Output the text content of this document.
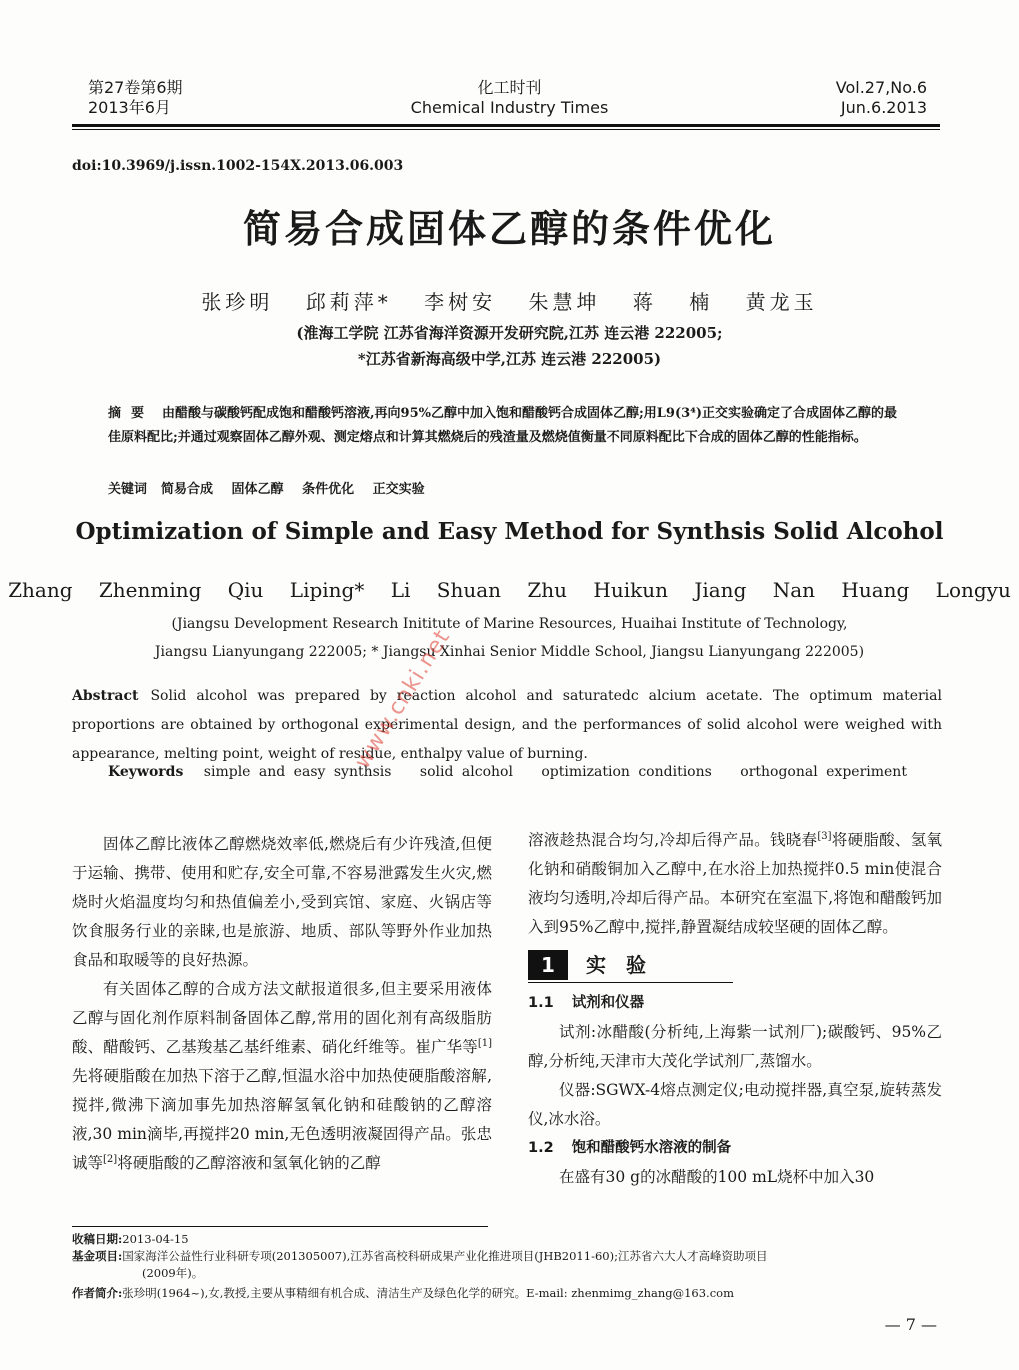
第27卷第6期
2013年6月
化工时刊
Chemical Industry Times
Vol.27,No.6
Jun.6.2013
doi:10.3969/j.issn.1002-154X.2013.06.003
简易合成固体乙醇的条件优化
张珍明 邱莉萍* 李树安 朱慧坤 蒋 楠 黄龙玉
(淮海工学院 江苏省海洋资源开发研究院,江苏 连云港 222005;
*江苏省新海高级中学,江苏 连云港 222005)
摘要 由醋酸与碳酸钙配成饱和醋酸钙溶液,再向95%乙醇中加入饱和醋酸钙合成固体乙醇;用L9(3⁴)正交实验确定了合成固体乙醇的最佳原料配比;并通过观察固体乙醇外观、测定熔点和计算其燃烧后的残渣量及燃烧值衡量不同原料配比下合成的固体乙醇的性能指标。
关键词 简易合成 固体乙醇 条件优化 正交实验
Optimization of Simple and Easy Method for Synthsis Solid Alcohol
Zhang Zhenming Qiu Liping* Li Shuan Zhu Huikun Jiang Nan Huang Longyu
(Jiangsu Development Research Inititute of Marine Resources, Huaihai Institute of Technology,
Jiangsu Lianyungang 222005; * Jiangsu Xinhai Senior Middle School, Jiangsu Lianyungang 222005)
Abstract Solid alcohol was prepared by reaction alcohol and saturatedc alcium acetate. The optimum material proportions are obtained by orthogonal experimental design, and the performances of solid alcohol were weighed with appearance, melting point, weight of residue, enthalpy value of burning.
Keywords simple and easy synthsis solid alcohol optimization conditions orthogonal experiment

固体乙醇比液体乙醇燃烧效率低,燃烧后有少许残渣,但便于运输、携带、使用和贮存,安全可靠,不容易泄露发生火灾,燃烧时火焰温度均匀和热值偏差小,受到宾馆、家庭、火锅店等饮食服务行业的亲睐,也是旅游、地质、部队等野外作业加热食品和取暖等的良好热源。

有关固体乙醇的合成方法文献报道很多,但主要采用液体乙醇与固化剂作原料制备固体乙醇,常用的固化剂有高级脂肪酸、醋酸钙、乙基羧基乙基纤维素、硝化纤维等。崔广华等[1]先将硬脂酸在加热下溶于乙醇,恒温水浴中加热使硬脂酸溶解,搅拌,微沸下滴加事先加热溶解氢氧化钠和硅酸钠的乙醇溶液,30 min滴毕,再搅拌20 min,无色透明液凝固得产品。张忠诚等[2]将硬脂酸的乙醇溶液和氢氧化钠的乙醇

溶液趁热混合均匀,冷却后得产品。钱晓春[3]将硬脂酸、氢氧化钠和硝酸铜加入乙醇中,在水浴上加热搅拌0.5 min使混合液均匀透明,冷却后得产品。本研究在室温下,将饱和醋酸钙加入到95%乙醇中,搅拌,静置凝结成较坚硬的固体乙醇。

1	实验

1.1 试剂和仪器

试剂:冰醋酸(分析纯,上海紫一试剂厂);碳酸钙、95%乙醇,分析纯,天津市大茂化学试剂厂,蒸馏水。

仪器:SGWX-4熔点测定仪;电动搅拌器,真空泵,旋转蒸发仪,冰水浴。

1.2 饱和醋酸钙水溶液的制备

在盛有30 g的冰醋酸的100 mL烧杯中加入30

收稿日期:2013-04-15
基金项目:国家海洋公益性行业科研专项(201305007),江苏省高校科研成果产业化推进项目(JHB2011-60);江苏省六大人才高峰资助项目
(2009年)。
作者简介:张珍明(1964~),女,教授,主要从事精细有机合成、清洁生产及绿色化学的研究。E-mail: zhenmimg_zhang@163.com
— 7 —
www.cnki.net
